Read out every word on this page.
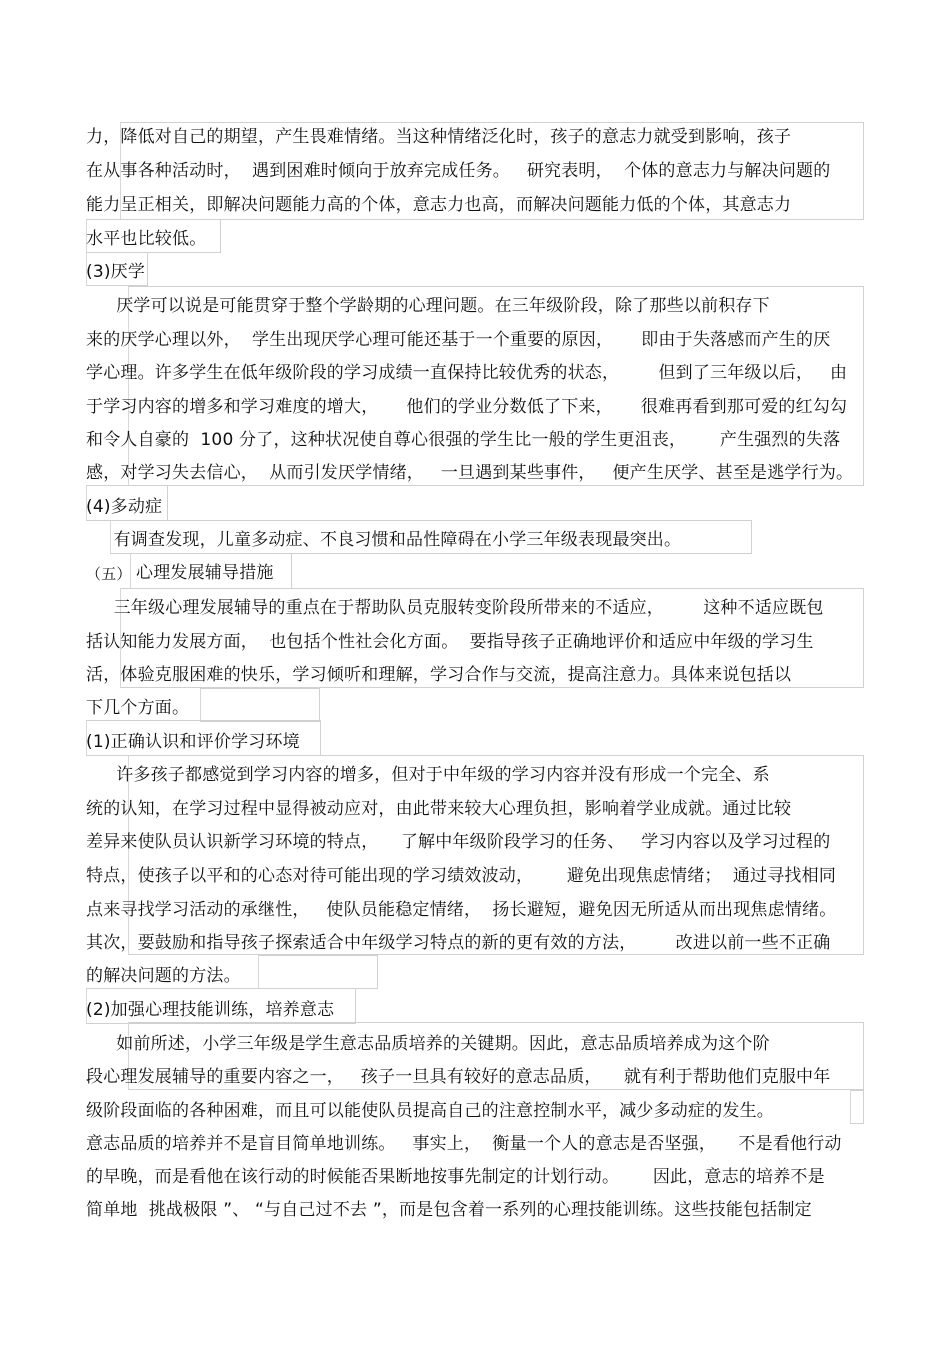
力，降低对自己的期望，产生畏难情绪。当这种情绪泛化时，孩子的意志力就受到影响，孩子
在从事各种活动时，  遇到困难时倾向于放弃完成任务。   研究表明，  个体的意志力与解决问题的
能力呈正相关，即解决问题能力高的个体，意志力也高，而解决问题能力低的个体，其意志力
水平也比较低。
(3)厌学
厌学可以说是可能贯穿于整个学龄期的心理问题。在三年级阶段，除了那些以前积存下
来的厌学心理以外，  学生出现厌学心理可能还基于一个重要的原因，     即由于失落感而产生的厌
学心理。许多学生在低年级阶段的学习成绩一直保持比较优秀的状态，       但到了三年级以后，   由
于学习内容的增多和学习难度的增大，     他们的学业分数低了下来，     很难再看到那可爱的红勾勾
和令人自豪的  100 分了，这种状况使自尊心很强的学生比一般的学生更沮丧，      产生强烈的失落
感，对学习失去信心，  从而引发厌学情绪，   一旦遇到某些事件，   便产生厌学、甚至是逃学行为。
(4)多动症
有调查发现，儿童多动症、不良习惯和品性障碍在小学三年级表现最突出。
（五） 心理发展辅导措施
三年级心理发展辅导的重点在于帮助队员克服转变阶段所带来的不适应，       这种不适应既包
括认知能力发展方面，  也包括个性社会化方面。  要指导孩子正确地评价和适应中年级的学习生
活，体验克服困难的快乐，学习倾听和理解，学习合作与交流，提高注意力。具体来说包括以
下几个方面。
(1)正确认识和评价学习环境
许多孩子都感觉到学习内容的增多，但对于中年级的学习内容并没有形成一个完全、系
统的认知，在学习过程中显得被动应对，由此带来较大心理负担，影响着学业成就。通过比较
差异来使队员认识新学习环境的特点，    了解中年级阶段学习的任务、   学习内容以及学习过程的
特点，使孩子以平和的心态对待可能出现的学习绩效波动，      避免出现焦虑情绪；  通过寻找相同
点来寻找学习活动的承继性，   使队员能稳定情绪，  扬长避短，避免因无所适从而出现焦虑情绪。
其次，要鼓励和指导孩子探索适合中年级学习特点的新的更有效的方法，       改进以前一些不正确
的解决问题的方法。
(2)加强心理技能训练，培养意志
如前所述，小学三年级是学生意志品质培养的关键期。因此，意志品质培养成为这个阶
段心理发展辅导的重要内容之一，   孩子一旦具有较好的意志品质，    就有利于帮助他们克服中年
级阶段面临的各种困难，而且可以能使队员提高自己的注意控制水平，减少多动症的发生。
意志品质的培养并不是盲目简单地训练。   事实上，  衡量一个人的意志是否坚强，    不是看他行动
的早晚，而是看他在该行动的时候能否果断地按事先制定的计划行动。      因此，意志的培养不是
简单地  挑战极限 ”、 “与自己过不去 ”，而是包含着一系列的心理技能训练。这些技能包括制定
